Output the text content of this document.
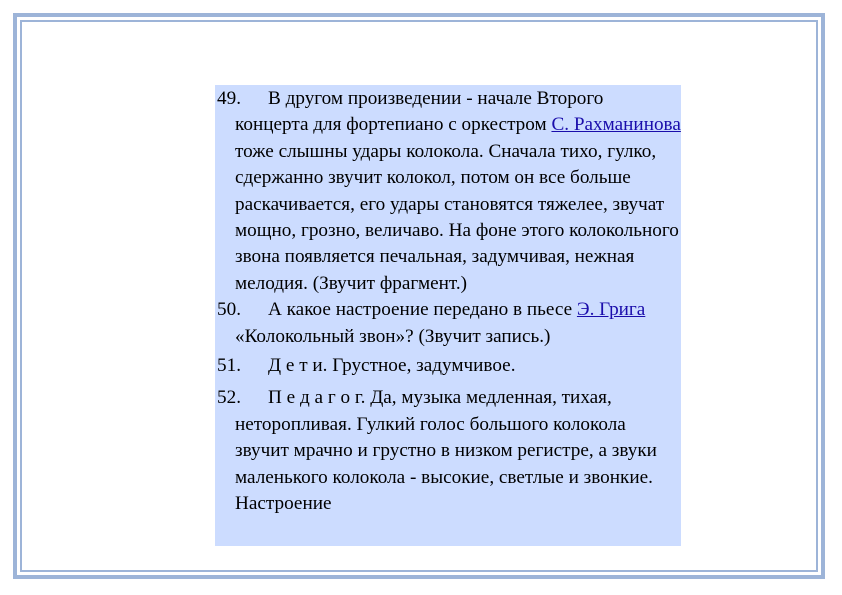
49. В другом произведении - начале Второго концерта для фортепиано с оркестром С. Рахманинова тоже слышны удары колокола. Сначала тихо, гулко, сдержанно звучит колокол, потом он все больше раскачивается, его удары становятся тяжелее, звучат мощно, грозно, величаво. На фоне этого колокольного звона появляется печальная, задумчивая, нежная мелодия. (Звучит фрагмент.)
50. А какое настроение передано в пьесе Э. Грига «Колокольный звон»? (Звучит запись.)
51. Д е т и. Грустное, задумчивое.
52. П е д а г о г. Да, музыка медленная, тихая, неторопливая. Гулкий голос большого колокола звучит мрачно и грустно в низком регистре, а звуки маленького колокола - высокие, светлые и звонкие. Настроение
